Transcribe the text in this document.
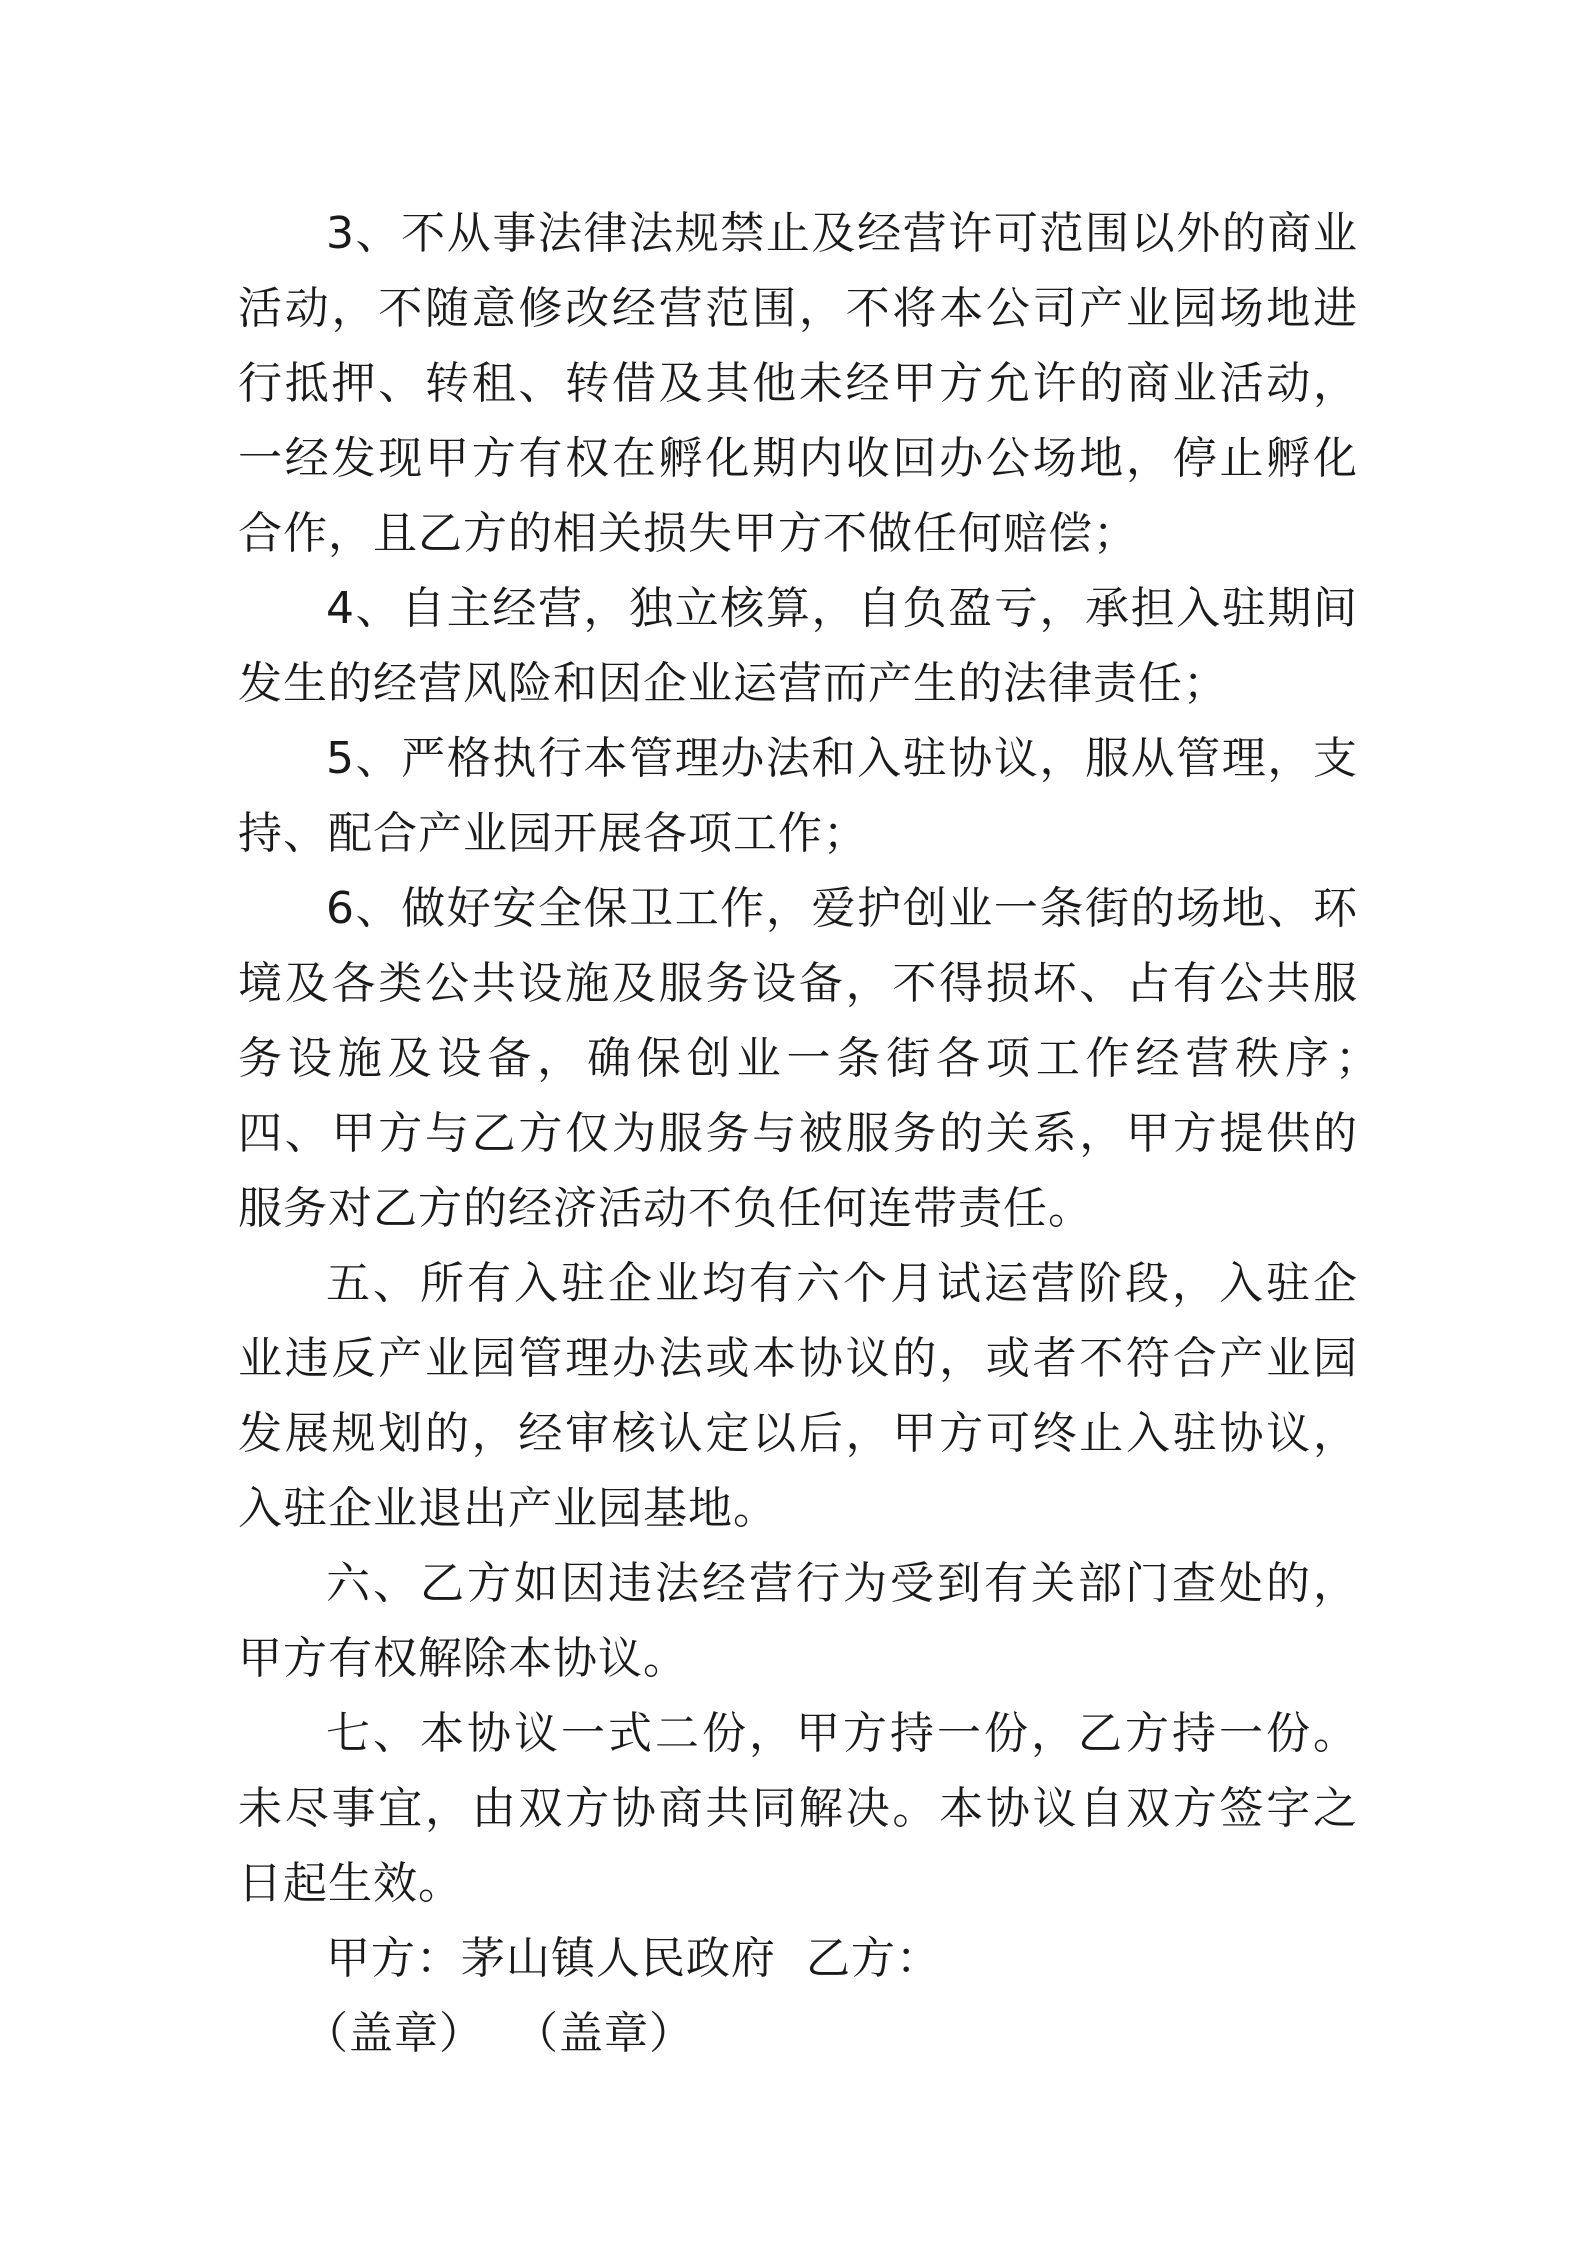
3、不从事法律法规禁止及经营许可范围以外的商业活动，不随意修改经营范围，不将本公司产业园场地进行抵押、转租、转借及其他未经甲方允许的商业活动，一经发现甲方有权在孵化期内收回办公场地，停止孵化合作，且乙方的相关损失甲方不做任何赔偿；

4、自主经营，独立核算，自负盈亏，承担入驻期间发生的经营风险和因企业运营而产生的法律责任；

5、严格执行本管理办法和入驻协议，服从管理，支持、配合产业园开展各项工作；

6、做好安全保卫工作，爱护创业一条街的场地、环境及各类公共设施及服务设备，不得损坏、占有公共服务设施及设备，确保创业一条街各项工作经营秩序；　四、甲方与乙方仅为服务与被服务的关系，甲方提供的服务对乙方的经济活动不负任何连带责任。

五、所有入驻企业均有六个月试运营阶段，入驻企业违反产业园管理办法或本协议的，或者不符合产业园发展规划的，经审核认定以后，甲方可终止入驻协议，入驻企业退出产业园基地。

六、乙方如因违法经营行为受到有关部门查处的，甲方有权解除本协议。

七、本协议一式二份，甲方持一份，乙方持一份。未尽事宜，由双方协商共同解决。本协议自双方签字之日起生效。

甲方：茅山镇人民政府  乙方：

（盖章）  （盖章）
